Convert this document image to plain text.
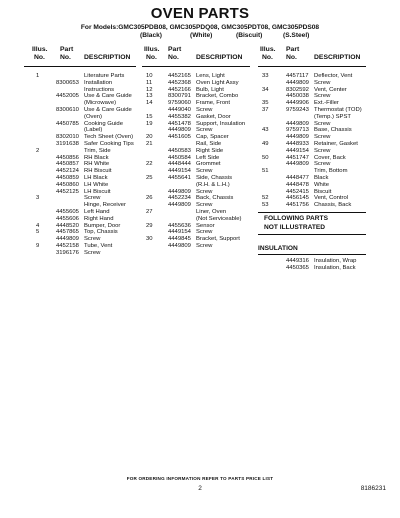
OVEN PARTS
For Models:GMC305PDB08, GMC305PDQ08, GMC305PDT08, GMC305PDS08
(Black)	(White)	(Biscuit)	(S.Steel)
Illus.
No.
Part
No. DESCRIPTION
1	Literature Parts
8300653 Installation
Instructions
4452005 Use & Care Guide
(Microwave)
8300610 Use & Care Guide
(Oven)
4450785 Cooking Guide
(Label)
8302010 Tech Sheet (Oven)
3191638 Safer Cooking Tips
2	Trim, Side
4450856 RH Black
4450857 RH White
4452124 RH Biscuit
4450859 LH Black
4450860 LH White
4452125 LH Biscuit
3	Screw
Hinge, Receiver
4455605 Left Hand
4455606 Right Hand
4	4448520 Bumper, Door
5	4457865 Top, Chassis
4449809 Screw
9	4452158 Tube, Vent
3196176 Screw
Illus.
No.
Part
No.	DESCRIPTION
10	4452165 Lens, Light
11	4452368 Oven Light Assy
12	4452166 Bulb, Light
13	8300791 Bracket, Combo
14	9759060 Frame, Front
4449040 Screw
15	4455382 Gasket, Door
19	4451478 Support, Insulation
4449809 Screw
20	4451605 Cap, Spacer
21	Rail, Side
4450583 Right Side
4450584 Left Side
22	4448444 Grommet
4449154 Screw
25	4455641 Side, Chassis
(R.H. & L.H.)
4449809 Screw
26	4452234 Back, Chassis
4449809 Screw
27	Liner, Oven
(Not Serviceable)
29	4455636 Sensor
4449154 Screw
30	4449845 Bracket, Support
4449809 Screw
Illus.
No.
Part
No.	DESCRIPTION
33	4457117 Deflector, Vent
4449809 Screw
34	8302592 Vent, Center
4450038 Screw
35	4449906 Ext.-Filler
37	9759243 Thermostat (TOD)
(Temp.) SPST
4449809 Screw
43	9759713 Base, Chassis
4449809 Screw
49	4448933 Retainer, Gasket
4449154 Screw
50	4451747 Cover, Back
4449809 Screw
51	Trim, Bottom
4448477 Black
4448478 White
4452415 Biscuit
52	4456145 Vent, Control
53	4451756 Chassis, Back
FOLLOWING PARTS
NOT ILLUSTRATED
INSULATION
4449316 Insulation, Wrap
4450365 Insulation, Back
FOR ORDERING INFORMATION REFER TO PARTS PRICE LIST
2	8186231
